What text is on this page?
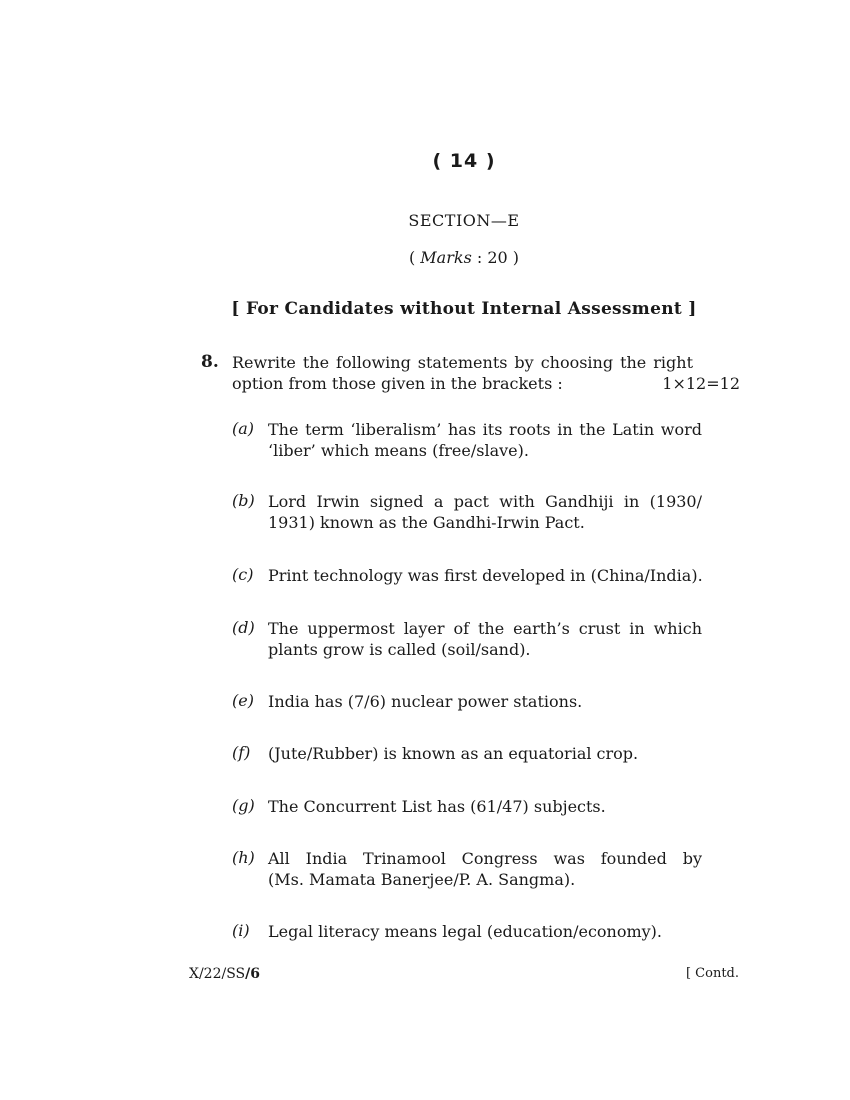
( 14 )
SECTION—E
( Marks : 20 )
[ For Candidates without Internal Assessment ]
8. Rewrite the following statements by choosing the right
option from those given in the brackets :	1×12=12
(a) The term ‘liberalism’ has its roots in the Latin word
‘liber’ which means (free/slave).
(b) Lord Irwin signed a pact with Gandhiji in (1930/
1931) known as the Gandhi-Irwin Pact.
(c) Print technology was first developed in (China/India).
(d) The uppermost layer of the earth’s crust in which
plants grow is called (soil/sand).
(e) India has (7/6) nuclear power stations.
(f) (Jute/Rubber) is known as an equatorial crop.
(g) The Concurrent List has (61/47) subjects.
(h) All India Trinamool Congress was founded by
(Ms. Mamata Banerjee/P. A. Sangma).
(i) Legal literacy means legal (education/economy).
X/22/SS/6	[ Contd.
